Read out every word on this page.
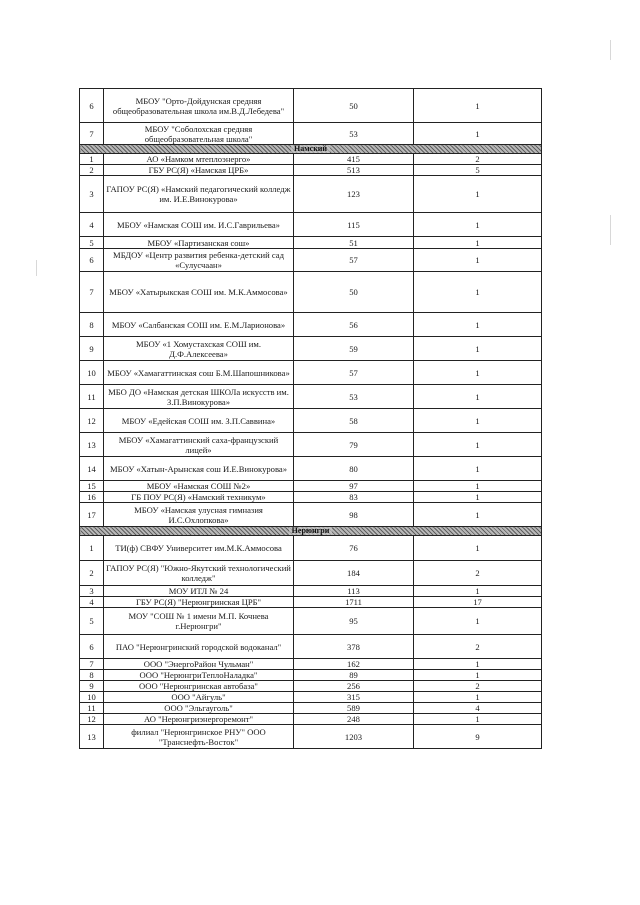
6	МБОУ "Орто-Дойдунская средняя общеобразовательная школа им.В.Д.Лебедева"	50	1
7	МБОУ "Соболохская средняя общеобразовательная школа"	53	1
Намский			
1	АО «Намком мтеплоэнерго»	415	2
2	ГБУ РС(Я) «Намская ЦРБ»	513	5
3	ГАПОУ РС(Я) «Намский педагогический колледж им. И.Е.Винокурова»	123	1
4	МБОУ «Намская СОШ им. И.С.Гаврильева»	115	1
5	МБОУ «Партизанская сош»	51	1
6	МБДОУ «Центр развития ребенка-детский сад «Сулусчаан»	57	1
7	МБОУ «Хатырыкская СОШ им. М.К.Аммосова»	50	1
8	МБОУ «Салбанская СОШ им. Е.М.Ларионова»	56	1
9	МБОУ «1 Хомустахская СОШ им. Д.Ф.Алексеева»	59	1
10	МБОУ «Хамагаттинская сош Б.М.Шапошникова»	57	1
11	МБО ДО «Намская детская ШКОЛа искусств им. З.П.Винокурова»	53	1
12	МБОУ «Едейская СОШ им. З.П.Саввина»	58	1
13	МБОУ «Хамагаттинский саха-французский лицей»	79	1
14	МБОУ «Хатын-Арынская сош И.Е.Винокурова»	80	1
15	МБОУ «Намская СОШ №2»	97	1
16	ГБ ПОУ РС(Я) «Намский техникум»	83	1
17	МБОУ «Намская улусная гимназия И.С.Охлопкова»	98	1
Нерюнгри			
1	ТИ(ф) СВФУ Университет им.М.К.Аммосова	76	1
2	ГАПОУ РС(Я) "Южно-Якутский технологический колледж"	184	2
3	МОУ ИТЛ № 24	113	1
4	ГБУ РС(Я) "Нерюнгринская ЦРБ"	1711	17
5	МОУ "СОШ № 1 имени М.П. Кочнева г.Нерюнгри"	95	1
6	ПАО "Нерюнгринский городской водоканал"	378	2
7	ООО "ЭнергоРайон Чульман"	162	1
8	ООО "НерюнгриТеплоНаладка"	89	1
9	ООО "Нерюнгринская автобаза"	256	2
10	ООО "Айгуль"	315	1
11	ООО "Эльгауголь"	589	4
12	АО "Нерюнгриэнергоремонт"	248	1
13	филиал "Нерюнгринское РНУ" ООО "Транснефть-Восток"	1203	9
